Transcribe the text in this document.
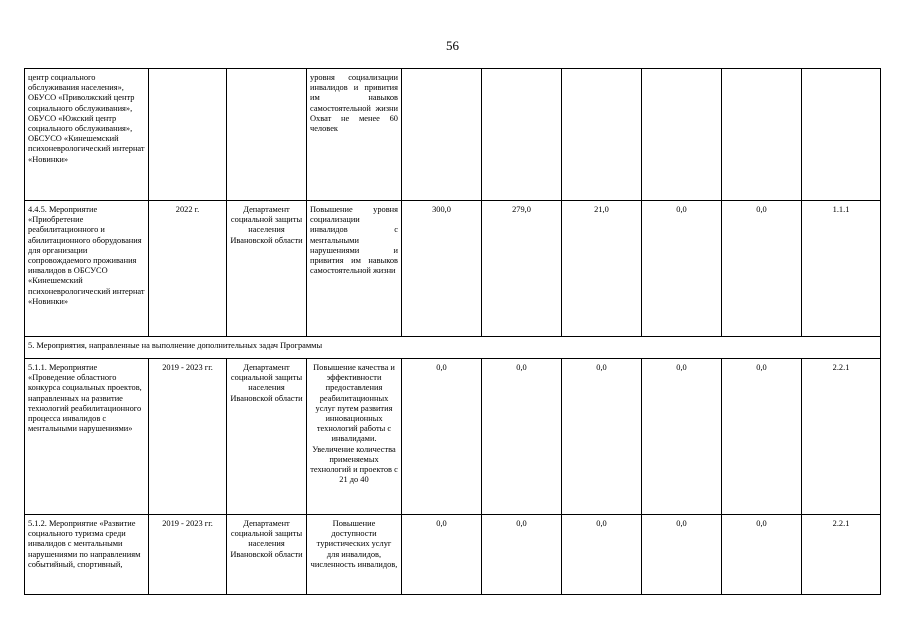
56
центр социального обслуживания населения», ОБУСО «Приволжский центр социального обслуживания», ОБУСО «Южский центр социального обслуживания», ОБСУСО «Кинешемский психоневрологический интернат «Новинки»			уровня социализации инвалидов и привития им навыков самостоятельной жизни Охват не менее 60 человек						
4.4.5. Мероприятие «Приобретение реабилитационного и абилитационного оборудования для организации сопровождаемого проживания инвалидов в ОБСУСО «Кинешемский психоневрологический интернат «Новинки»	2022 г.	Департамент социальной защиты населения Ивановской области	Повышение уровня социализации инвалидов с ментальными нарушениями и привития им навыков самостоятельной жизни	300,0	279,0	21,0	0,0	0,0	1.1.1
5. Мероприятия, направленные на выполнение дополнительных задач Программы									
5.1.1. Мероприятие «Проведение областного конкурса социальных проектов, направленных на развитие технологий реабилитационного процесса инвалидов с ментальными нарушениями»	2019 - 2023 гг.	Департамент социальной защиты населения Ивановской области	Повышение качества и эффективности предоставления реабилитационных услуг путем развития инновационных технологий работы с инвалидами. Увеличение количества применяемых технологий и проектов с 21 до 40	0,0	0,0	0,0	0,0	0,0	2.2.1
5.1.2. Мероприятие «Развитие социального туризма среди инвалидов с ментальными нарушениями по направлениям событийный, спортивный,	2019 - 2023 гг.	Департамент социальной защиты населения Ивановской области	Повышение доступности туристических услуг для инвалидов, численность инвалидов,	0,0	0,0	0,0	0,0	0,0	2.2.1
